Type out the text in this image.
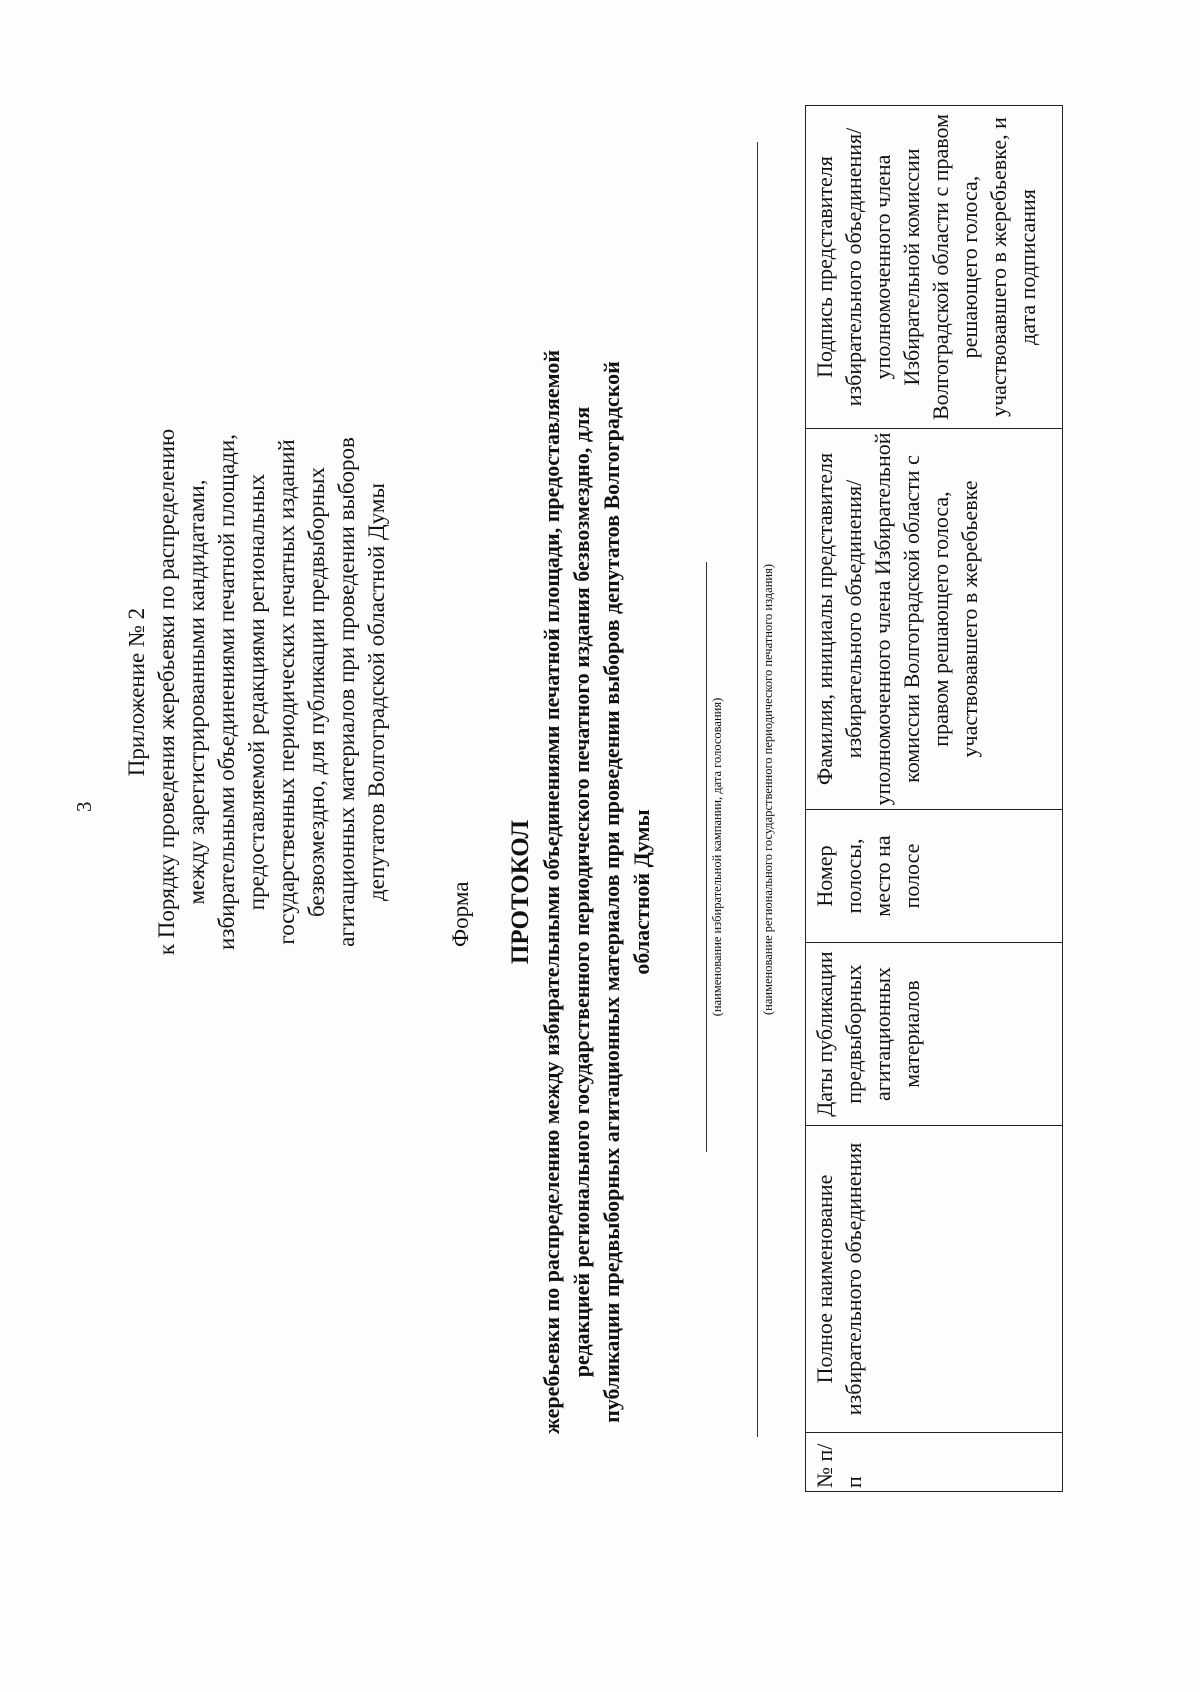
3
Приложение № 2 к Порядку проведения жеребьевки по распределению между зарегистрированными кандидатами, избирательными объединениями печатной площади, предоставляемой редакциями региональных государственных периодических печатных изданий безвозмездно, для публикации предвыборных агитационных материалов при проведении выборов депутатов Волгоградской областной Думы
Форма ПРОТОКОЛ жеребьевки по распределению между избирательными объединениями печатной площади, предоставляемой редакцией регионального государственного периодического печатного издания безвозмездно, для публикации предвыборных агитационных материалов при проведении выборов депутатов Волгоградской областной Думы	(наименование избирательной кампании, дата голосования)	(наименование регионального государственного периодического печатного издания)
№ п/п	Полное наименование избирательного объединения	Даты публикации предвыборных агитационных материалов	Номер полосы, место на полосе	Фамилия, инициалы представителя избирательного объединения/ уполномоченного члена Избирательной комиссии Волгоградской области с правом решающего голоса, участвовавшего в жеребьевке	Подпись представителя избирательного объединения/ уполномоченного члена Избирательной комиссии Волгоградской области с правом решающего голоса, участвовавшего в жеребьевке, и дата подписания
